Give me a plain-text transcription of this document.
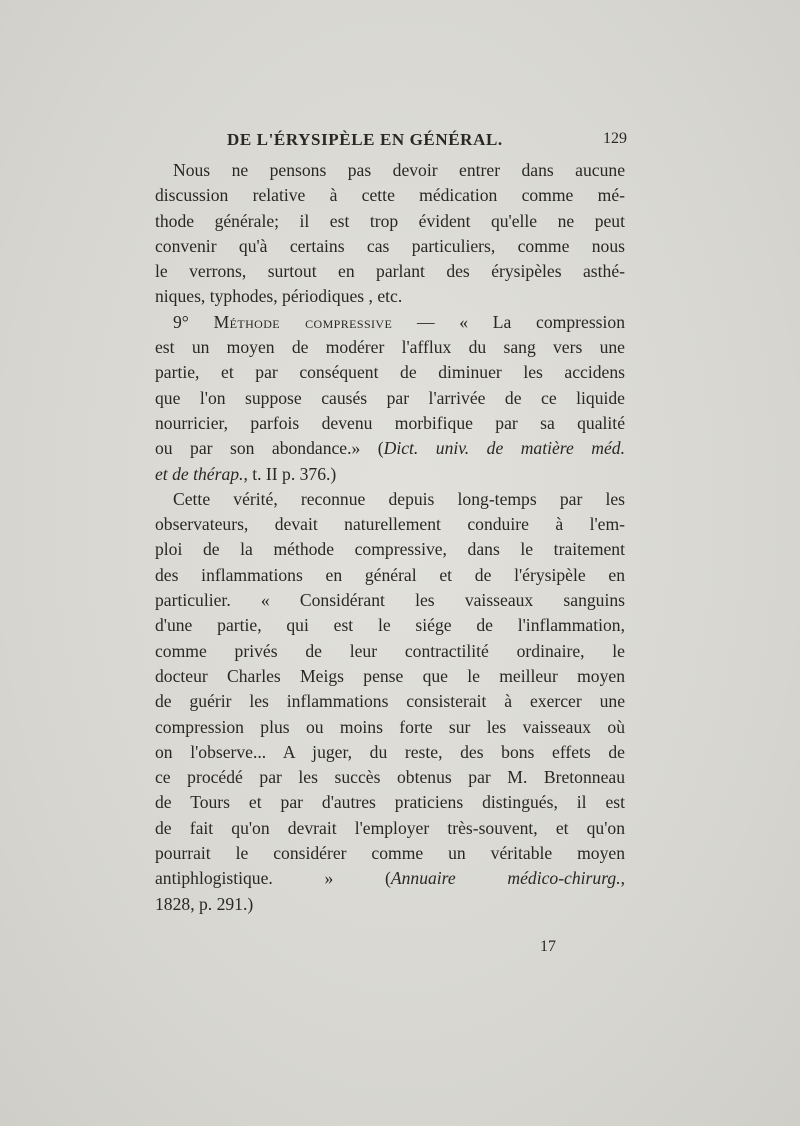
DE L'ÉRYSIPÈLE EN GÉNÉRAL.	129
Nous ne pensons pas devoir entrer dans aucune
discussion relative à cette médication comme mé-
thode générale; il est trop évident qu'elle ne peut
convenir qu'à certains cas particuliers, comme nous
le verrons, surtout en parlant des érysipèles asthé-
niques, typhodes, périodiques , etc.
9° Méthode compressive — « La compression
est un moyen de modérer l'afflux du sang vers une
partie, et par conséquent de diminuer les accidens
que l'on suppose causés par l'arrivée de ce liquide
nourricier, parfois devenu morbifique par sa qualité
ou par son abondance.» (Dict. univ. de matière méd.
et de thérap., t. II p. 376.)
Cette vérité, reconnue depuis long-temps par les
observateurs, devait naturellement conduire à l'em-
ploi de la méthode compressive, dans le traitement
des inflammations en général et de l'érysipèle en
particulier. « Considérant les vaisseaux sanguins
d'une partie, qui est le siége de l'inflammation,
comme privés de leur contractilité ordinaire, le
docteur Charles Meigs pense que le meilleur moyen
de guérir les inflammations consisterait à exercer une
compression plus ou moins forte sur les vaisseaux où
on l'observe... A juger, du reste, des bons effets de
ce procédé par les succès obtenus par M. Bretonneau
de Tours et par d'autres praticiens distingués, il est
de fait qu'on devrait l'employer très-souvent, et qu'on
pourrait le considérer comme un véritable moyen
antiphlogistique. » (Annuaire médico-chirurg.,
1828, p. 291.)
17
